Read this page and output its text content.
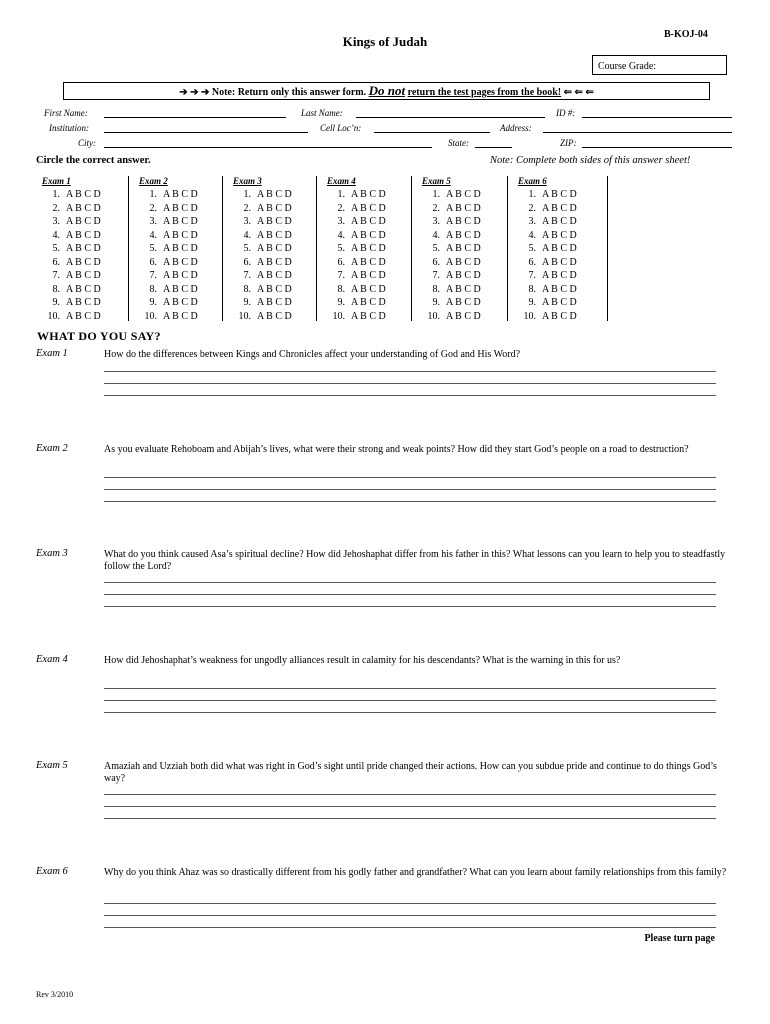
Kings of Judah	B-KOJ-04
Course Grade:
➔ ➔ ➔ Note: Return only this answer form. Do not return the test pages from the book! ⇐ ⇐ ⇐
First Name:	Last Name:	ID #:
Institution:	Cell Loc’n:	Address:
City:	State:	ZIP:
Circle the correct answer.	Note: Complete both sides of this answer sheet!
Exam 1
1. A B C D
2. A B C D
3. A B C D
4. A B C D
5. A B C D
6. A B C D
7. A B C D
8. A B C D
9. A B C D
10. A B C D
Exam 2
1. A B C D
2. A B C D
3. A B C D
4. A B C D
5. A B C D
6. A B C D
7. A B C D
8. A B C D
9. A B C D
10. A B C D
Exam 3
1. A B C D
2. A B C D
3. A B C D
4. A B C D
5. A B C D
6. A B C D
7. A B C D
8. A B C D
9. A B C D
10. A B C D
Exam 4
1. A B C D
2. A B C D
3. A B C D
4. A B C D
5. A B C D
6. A B C D
7. A B C D
8. A B C D
9. A B C D
10. A B C D
Exam 5
1. A B C D
2. A B C D
3. A B C D
4. A B C D
5. A B C D
6. A B C D
7. A B C D
8. A B C D
9. A B C D
10. A B C D
Exam 6
1. A B C D
2. A B C D
3. A B C D
4. A B C D
5. A B C D
6. A B C D
7. A B C D
8. A B C D
9. A B C D
10. A B C D
WHAT DO YOU SAY?
Exam 1	How do the differences between Kings and Chronicles affect your understanding of God and His Word?
Exam 2	As you evaluate Rehoboam and Abijah’s lives, what were their strong and weak points? How did they start God’s people on a road to destruction?
Exam 3	What do you think caused Asa’s spiritual decline? How did Jehoshaphat differ from his father in this? What lessons can you learn to help you to steadfastly follow the Lord?
Exam 4	How did Jehoshaphat’s weakness for ungodly alliances result in calamity for his descendants? What is the warning in this for us?
Exam 5	Amaziah and Uzziah both did what was right in God’s sight until pride changed their actions. How can you subdue pride and continue to do things God’s way?
Exam 6	Why do you think Ahaz was so drastically different from his godly father and grandfather? What can you learn about family relationships from this family?
Please turn page
Rev 3/2010
